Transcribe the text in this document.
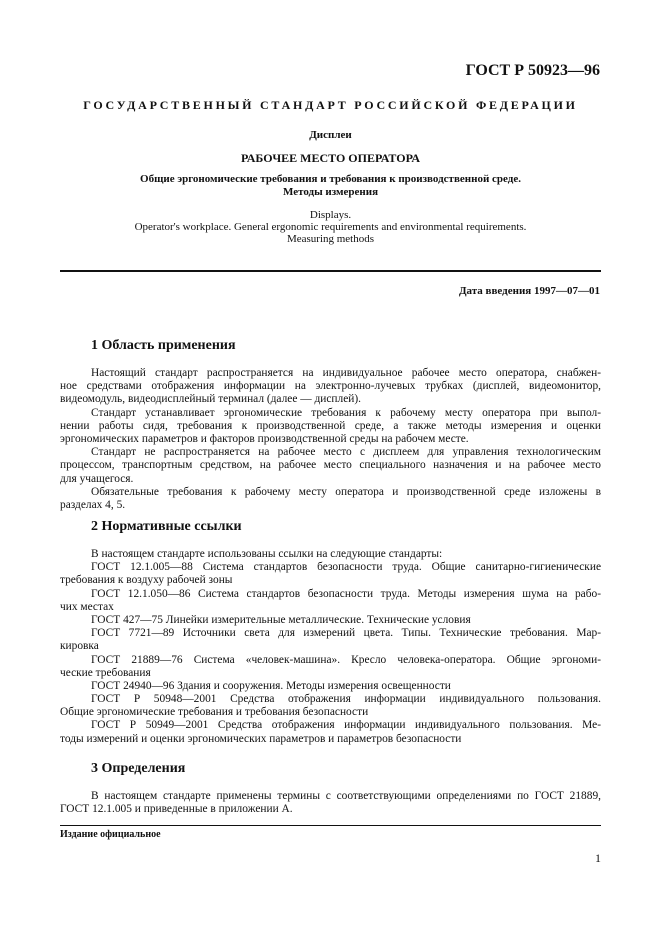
ГОСТ Р 50923—96
ГОСУДАРСТВЕННЫЙ СТАНДАРТ РОССИЙСКОЙ ФЕДЕРАЦИИ
Дисплеи
РАБОЧЕЕ МЕСТО ОПЕРАТОРА
Общие эргономические требования и требования к производственной среде.
Методы измерения
Displays.
Operator's workplace. General ergonomic requirements and environmental requirements.
Measuring methods
Дата введения 1997—07—01
1 Область применения
Настоящий стандарт распространяется на индивидуальное рабочее место оператора, снабжен-
ное средствами отображения информации на электронно-лучевых трубках (дисплей, видеомонитор,
видеомодуль, видеодисплейный терминал (далее — дисплей).
Стандарт устанавливает эргономические требования к рабочему месту оператора при выпол-
нении работы сидя, требования к производственной среде, а также методы измерения и оценки
эргономических параметров и факторов производственной среды на рабочем месте.
Стандарт не распространяется на рабочее место с дисплеем для управления технологическим
процессом, транспортным средством, на рабочее место специального назначения и на рабочее место
для учащегося.
Обязательные требования к рабочему месту оператора и производственной среде изложены в
разделах 4, 5.
2 Нормативные ссылки
В настоящем стандарте использованы ссылки на следующие стандарты:
ГОСТ 12.1.005—88 Система стандартов безопасности труда. Общие санитарно-гигиенические
требования к воздуху рабочей зоны
ГОСТ 12.1.050—86 Система стандартов безопасности труда. Методы измерения шума на рабо-
чих местах
ГОСТ 427—75 Линейки измерительные металлические. Технические условия
ГОСТ 7721—89 Источники света для измерений цвета. Типы. Технические требования. Мар-
кировка
ГОСТ 21889—76 Система «человек-машина». Кресло человека-оператора. Общие эргономи-
ческие требования
ГОСТ 24940—96 Здания и сооружения. Методы измерения освещенности
ГОСТ Р 50948—2001 Средства отображения информации индивидуального пользования.
Общие эргономические требования и требования безопасности
ГОСТ Р 50949—2001 Средства отображения информации индивидуального пользования. Ме-
тоды измерений и оценки эргономических параметров и параметров безопасности
3 Определения
В настоящем стандарте применены термины с соответствующими определениями по ГОСТ 21889,
ГОСТ 12.1.005 и приведенные в приложении А.
Издание официальное
1
